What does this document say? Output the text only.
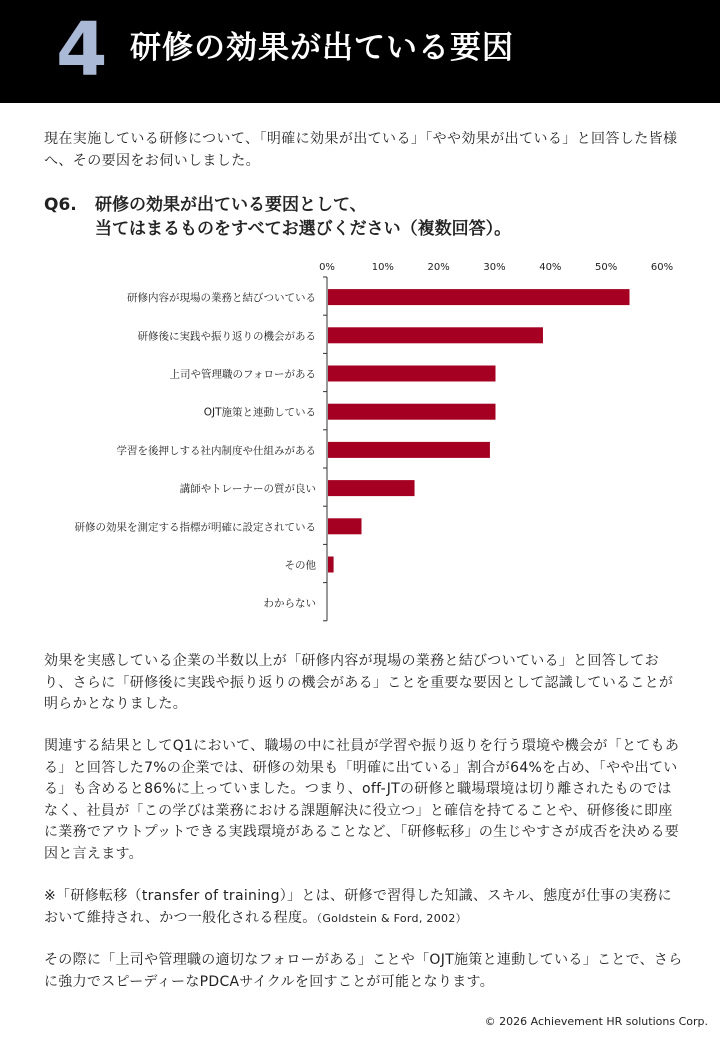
4 研修の効果が出ている要因
現在実施している研修について、「明確に効果が出ている」「やや効果が出ている」と回答した皆様へ、その要因をお伺いしました。
Q6. 研修の効果が出ている要因として、
当てはまるものをすべてお選びください（複数回答）。
0%	10%	20%	30%	40%	50%	60%
研修内容が現場の業務と結びついている
研修後に実践や振り返りの機会がある
上司や管理職のフォローがある
OJT施策と連動している
学習を後押しする社内制度や仕組みがある
講師やトレーナーの質が良い
研修の効果を測定する指標が明確に設定されている
その他
わからない
効果を実感している企業の半数以上が「研修内容が現場の業務と結びついている」と回答しており、さらに「研修後に実践や振り返りの機会がある」ことを重要な要因として認識していることが明らかとなりました。
関連する結果としてQ1において、職場の中に社員が学習や振り返りを行う環境や機会が「とてもある」と回答した7%の企業では、研修の効果も「明確に出ている」割合が64%を占め、「やや出ている」も含めると86%に上っていました。つまり、off-JTの研修と職場環境は切り離されたものではなく、社員が「この学びは業務における課題解決に役立つ」と確信を持てることや、研修後に即座に業務でアウトプットできる実践環境があることなど、「研修転移」の生じやすさが成否を決める要因と言えます。
※「研修転移（transfer of training）」とは、研修で習得した知識、スキル、態度が仕事の実務において維持され、かつ一般化される程度。（Goldstein & Ford, 2002）
その際に「上司や管理職の適切なフォローがある」ことや「OJT施策と連動している」ことで、さらに強力でスピーディーなPDCAサイクルを回すことが可能となります。
© 2026 Achievement HR solutions Corp.
